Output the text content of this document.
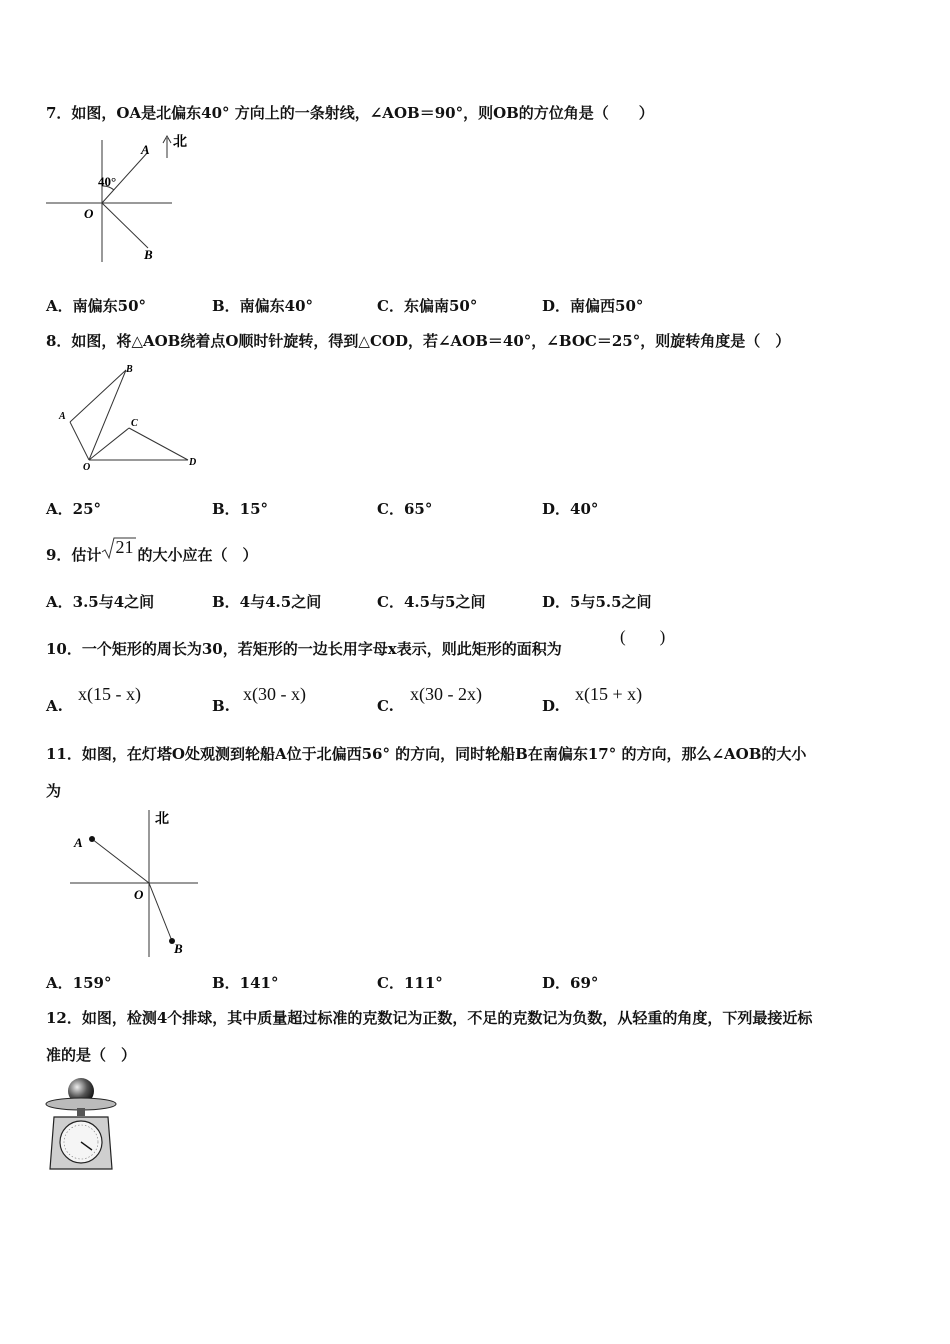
7．如图，OA是北偏东40° 方向上的一条射线，∠AOB＝90°，则OB的方位角是（　　）
北
40°
A
O
B
A．南偏东50°	B．南偏东40°	C．东偏南50°	D．南偏西50°
8．如图，将△AOB绕着点O顺时针旋转，得到△COD，若∠AOB＝40°，∠BOC＝25°，则旋转角度是（　）
A
B
C
O	D
A．25°	B．15°	C．65°	D．40°
9．估计 21 的大小应在（　）
A．3.5与4之间	B．4与4.5之间	C．4.5与5之间	D．5与5.5之间
10．一个矩形的周长为30，若矩形的一边长用字母x表示，则此矩形的面积为
(　　)
A.
x(15 - x)
B.
x(30 - x)
C.
x(30 - 2x)
D.
x(15 + x)
11．如图，在灯塔O处观测到轮船A位于北偏西56° 的方向，同时轮船B在南偏东17° 的方向，那么∠AOB的大小
为
北
A
O
B
A．159°	B．141°	C．111°	D．69°
12．如图，检测4个排球，其中质量超过标准的克数记为正数，不足的克数记为负数，从轻重的角度，下列最接近标
准的是（　）
